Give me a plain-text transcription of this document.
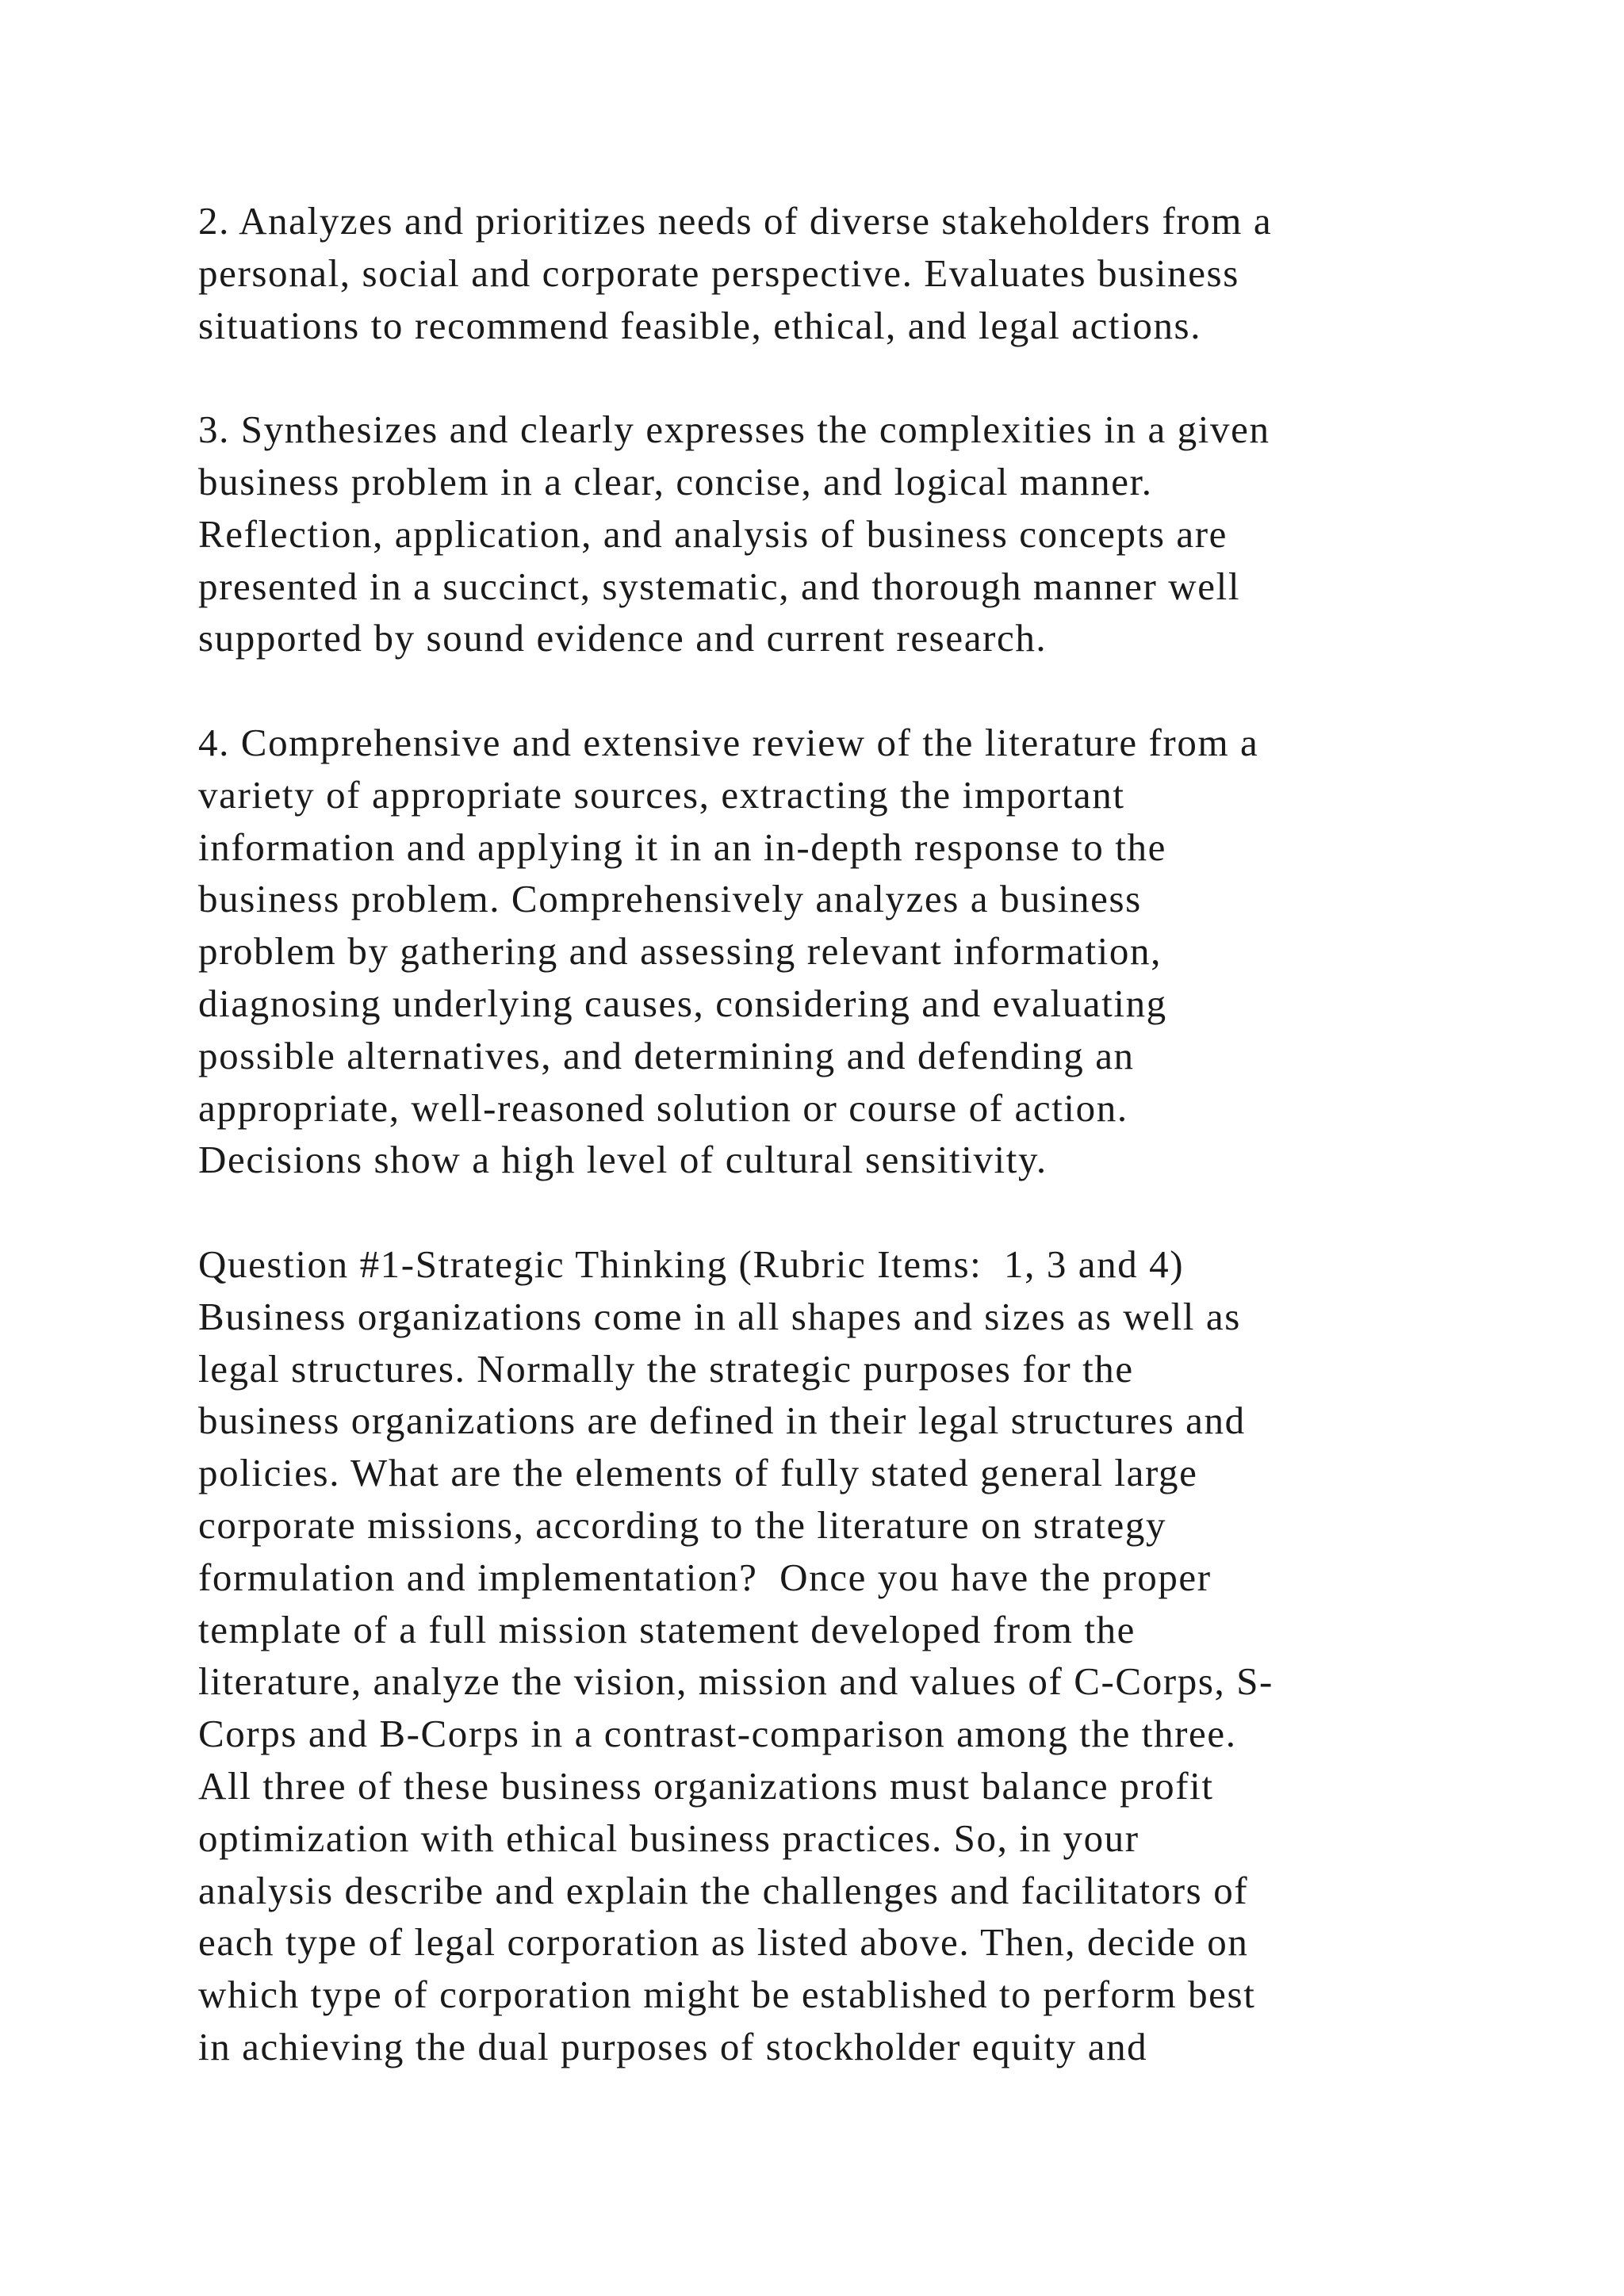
2. Analyzes and prioritizes needs of diverse stakeholders from a
personal, social and corporate perspective. Evaluates business
situations to recommend feasible, ethical, and legal actions.

3. Synthesizes and clearly expresses the complexities in a given
business problem in a clear, concise, and logical manner.
Reflection, application, and analysis of business concepts are
presented in a succinct, systematic, and thorough manner well
supported by sound evidence and current research.

4. Comprehensive and extensive review of the literature from a
variety of appropriate sources, extracting the important
information and applying it in an in-depth response to the
business problem. Comprehensively analyzes a business
problem by gathering and assessing relevant information,
diagnosing underlying causes, considering and evaluating
possible alternatives, and determining and defending an
appropriate, well-reasoned solution or course of action.
Decisions show a high level of cultural sensitivity.

Question #1-Strategic Thinking (Rubric Items:  1, 3 and 4)
Business organizations come in all shapes and sizes as well as
legal structures. Normally the strategic purposes for the
business organizations are defined in their legal structures and
policies. What are the elements of fully stated general large
corporate missions, according to the literature on strategy
formulation and implementation?  Once you have the proper
template of a full mission statement developed from the
literature, analyze the vision, mission and values of C-Corps, S-
Corps and B-Corps in a contrast-comparison among the three.
All three of these business organizations must balance profit
optimization with ethical business practices. So, in your
analysis describe and explain the challenges and facilitators of
each type of legal corporation as listed above. Then, decide on
which type of corporation might be established to perform best
in achieving the dual purposes of stockholder equity and
